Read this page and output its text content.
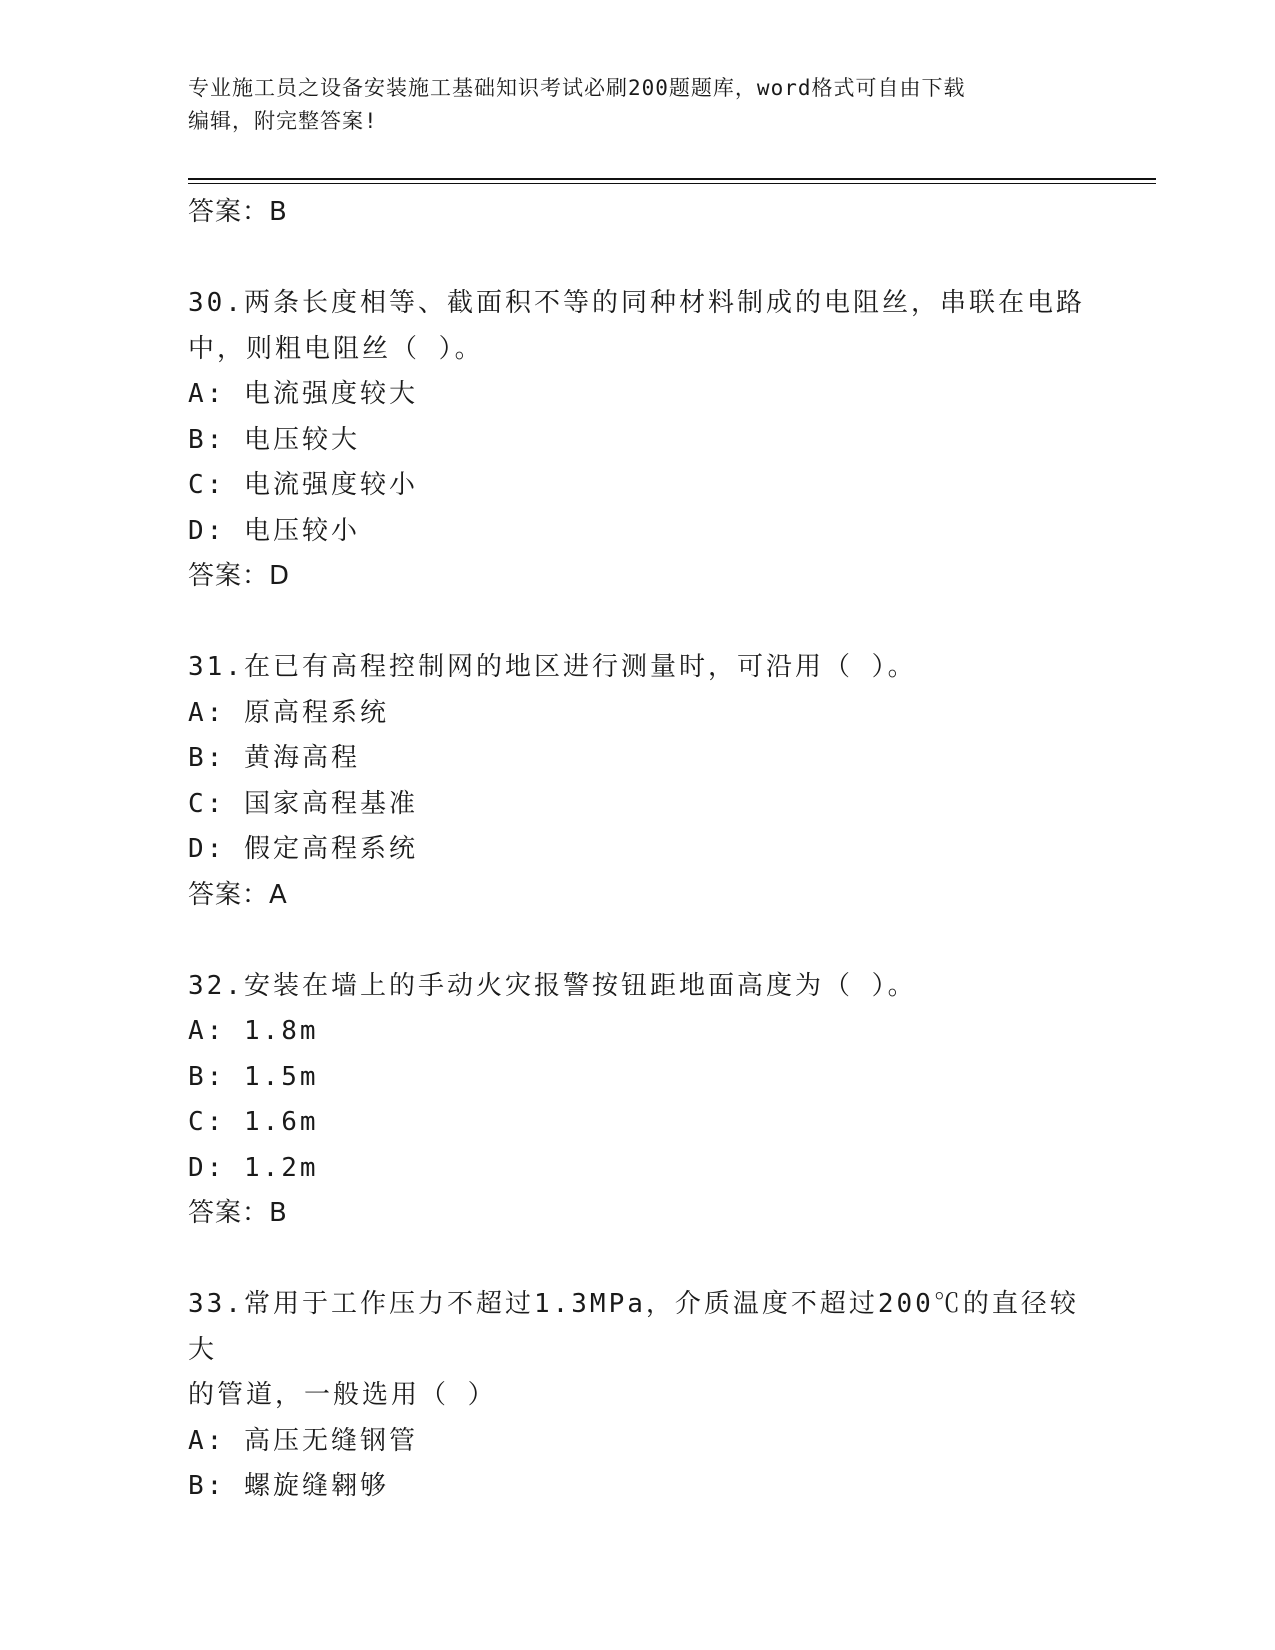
专业施工员之设备安装施工基础知识考试必刷200题题库，word格式可自由下载
编辑，附完整答案!
答案：B
30.两条长度相等、截面积不等的同种材料制成的电阻丝，串联在电路
中，则粗电阻丝（ ）。
A: 电流强度较大
B: 电压较大
C: 电流强度较小
D: 电压较小
答案：D
31.在已有高程控制网的地区进行测量时，可沿用（ ）。
A: 原高程系统
B: 黄海高程
C: 国家高程基准
D: 假定高程系统
答案：A
32.安装在墙上的手动火灾报警按钮距地面高度为（ ）。
A: 1.8m
B: 1.5m
C: 1.6m
D: 1.2m
答案：B
33.常用于工作压力不超过1.3MPa，介质温度不超过200℃的直径较大
的管道，一般选用（ ）
A: 高压无缝钢管
B: 螺旋缝翱够
